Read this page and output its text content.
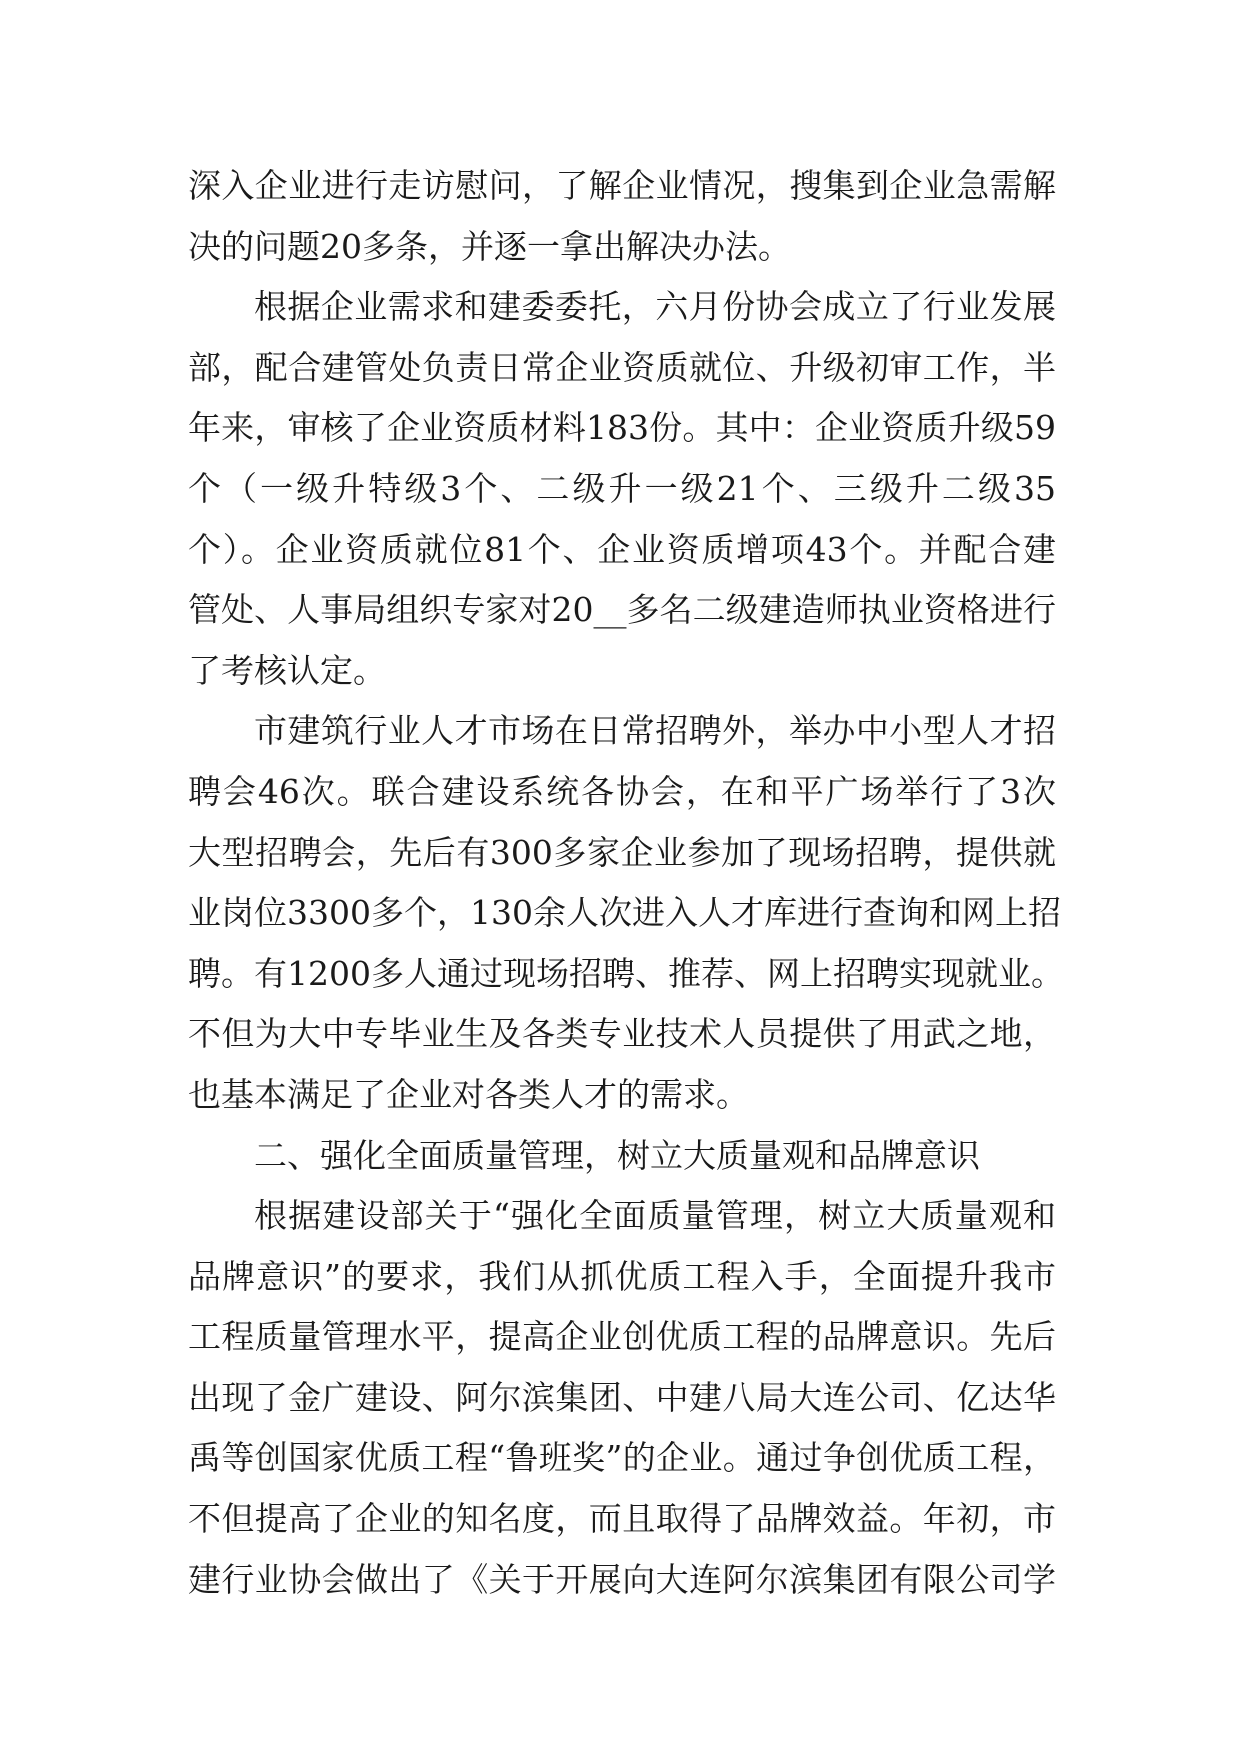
深入企业进行走访慰问，了解企业情况，搜集到企业急需解
决的问题20多条，并逐一拿出解决办法。
根据企业需求和建委委托，六月份协会成立了行业发展
部，配合建管处负责日常企业资质就位、升级初审工作，半
年来，审核了企业资质材料183份。其中：企业资质升级59
个（一级升特级3个、二级升一级21个、三级升二级35
个）。企业资质就位81个、企业资质增项43个。并配合建
管处、人事局组织专家对20__多名二级建造师执业资格进行
了考核认定。
市建筑行业人才市场在日常招聘外，举办中小型人才招
聘会46次。联合建设系统各协会，在和平广场举行了3次
大型招聘会，先后有300多家企业参加了现场招聘，提供就
业岗位3300多个，130余人次进入人才库进行查询和网上招
聘。有1200多人通过现场招聘、推荐、网上招聘实现就业。
不但为大中专毕业生及各类专业技术人员提供了用武之地，
也基本满足了企业对各类人才的需求。
二、强化全面质量管理，树立大质量观和品牌意识
根据建设部关于“强化全面质量管理，树立大质量观和
品牌意识”的要求，我们从抓优质工程入手，全面提升我市
工程质量管理水平，提高企业创优质工程的品牌意识。先后
出现了金广建设、阿尔滨集团、中建八局大连公司、亿达华
禹等创国家优质工程“鲁班奖”的企业。通过争创优质工程，
不但提高了企业的知名度，而且取得了品牌效益。年初，市
建行业协会做出了《关于开展向大连阿尔滨集团有限公司学
